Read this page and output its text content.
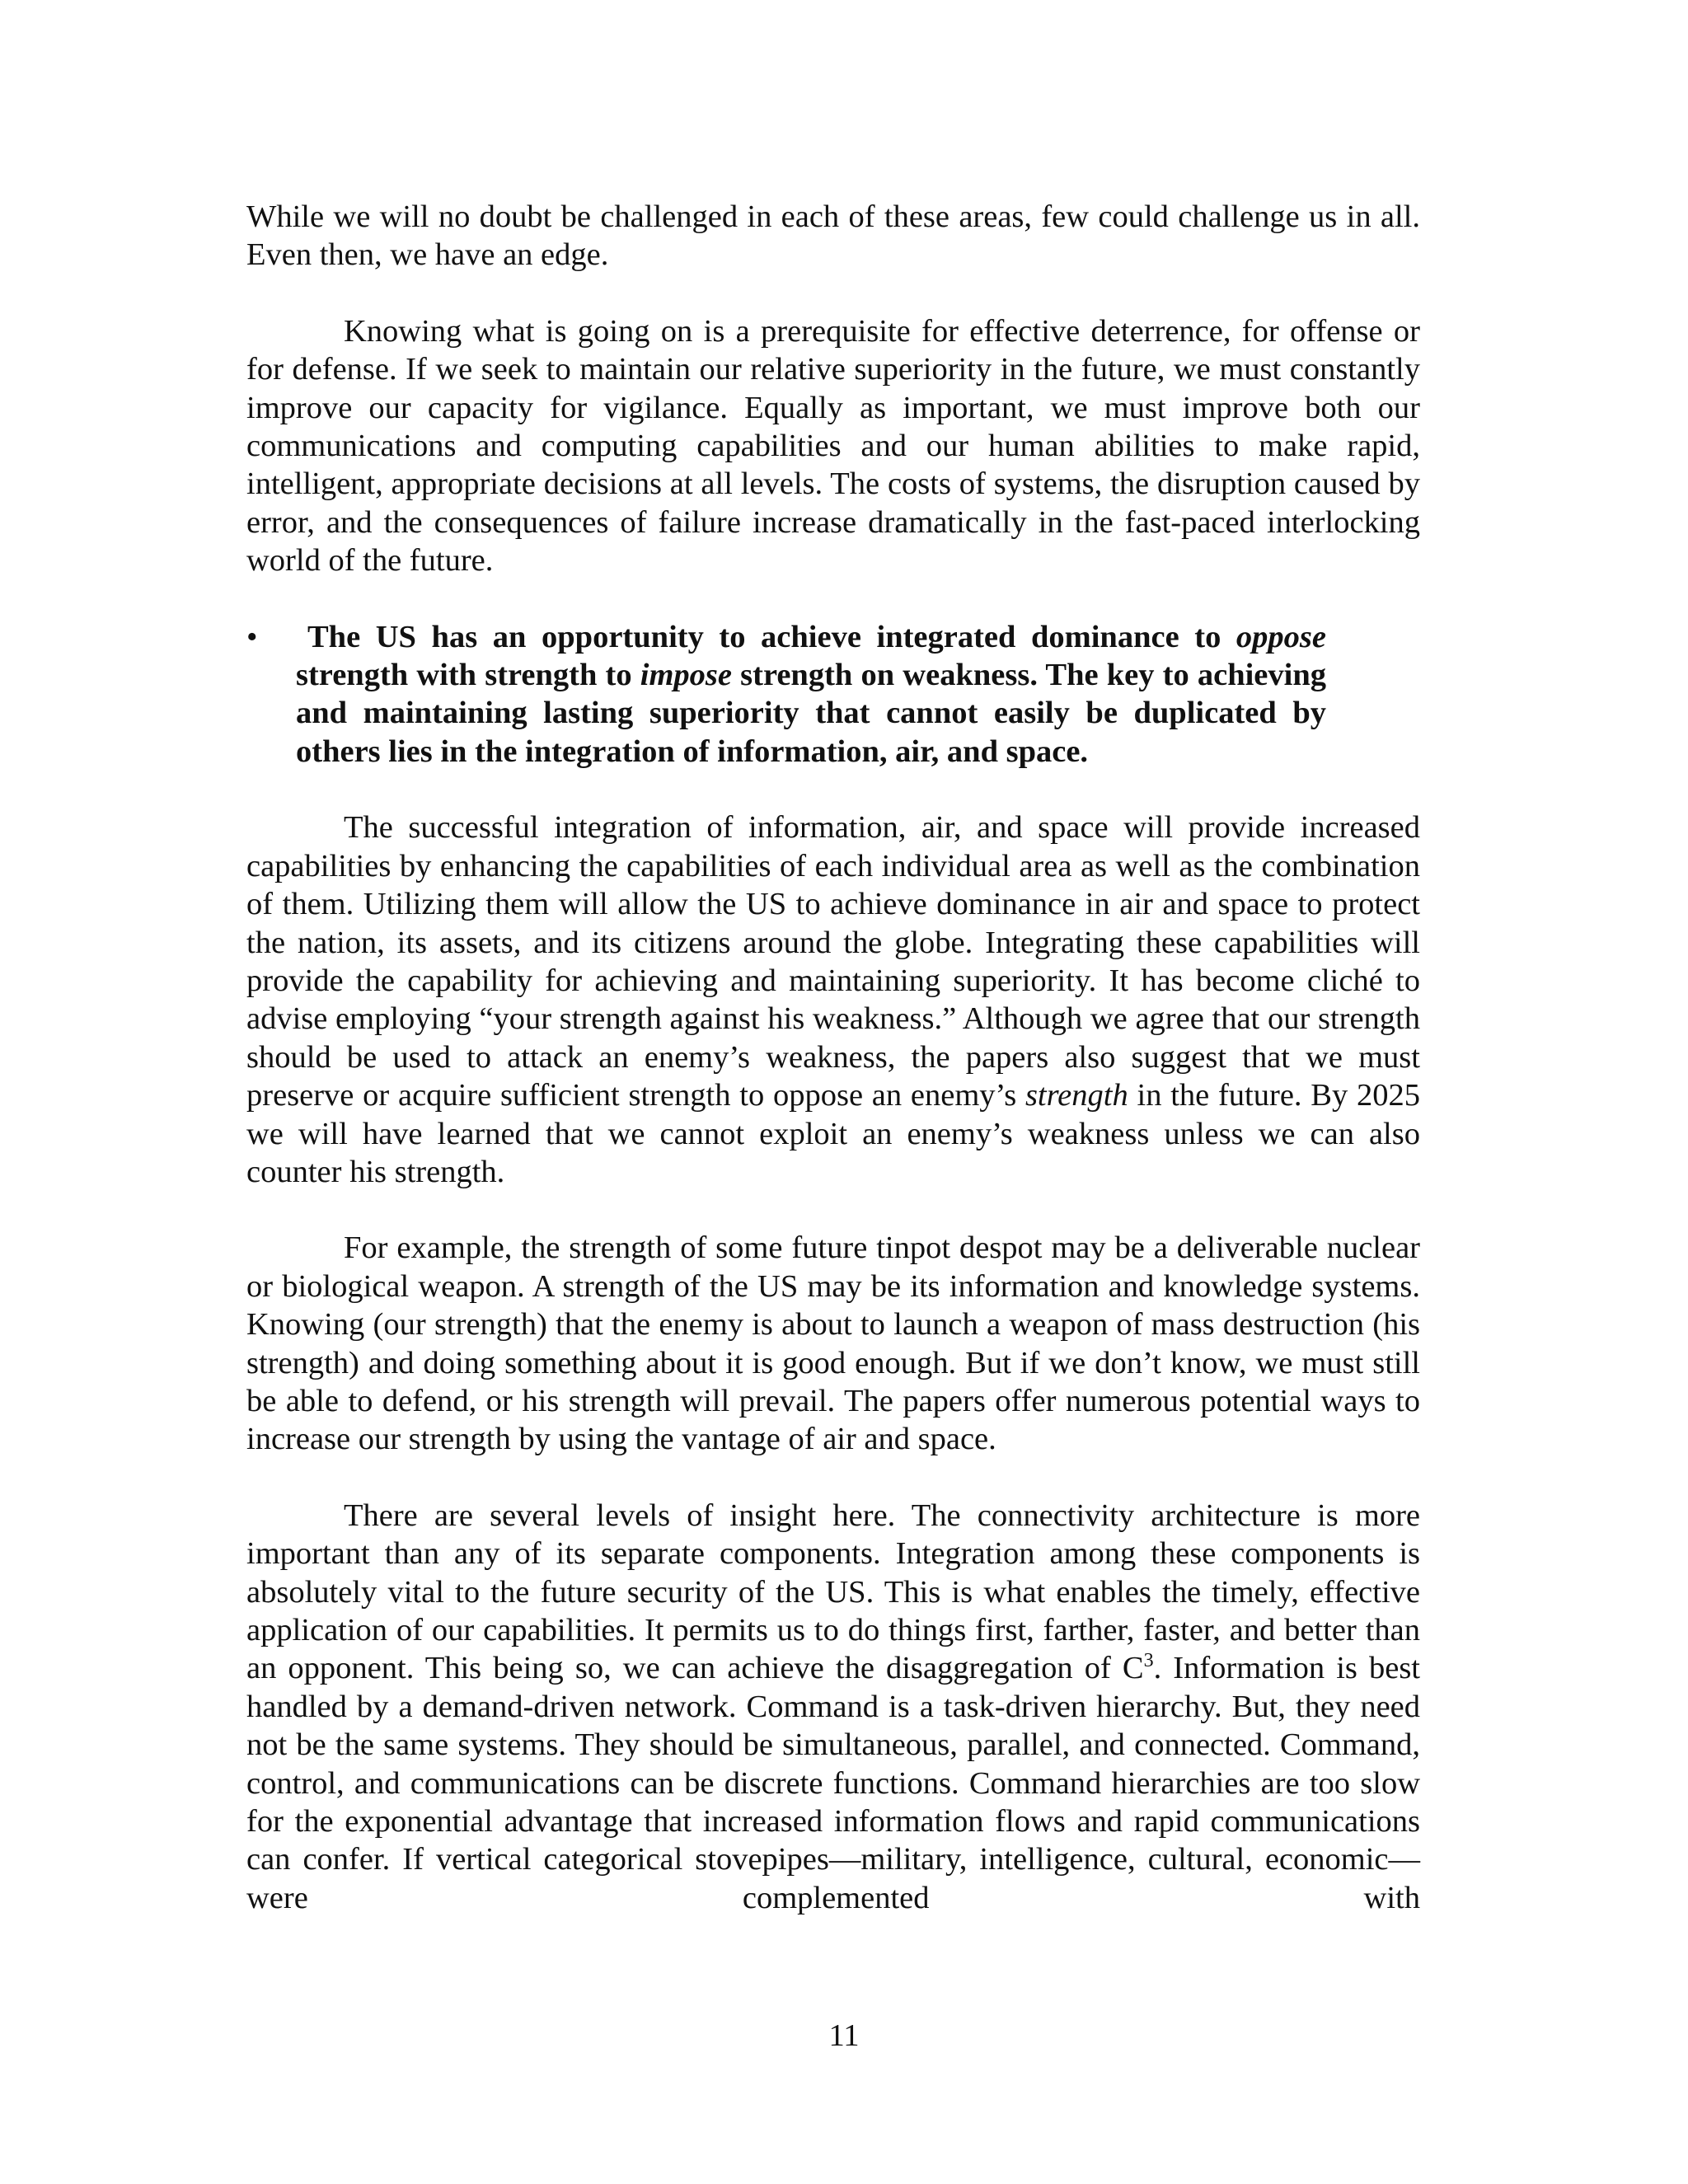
While we will no doubt be challenged in each of these areas, few could challenge us in all. Even then, we have an edge.

Knowing what is going on is a prerequisite for effective deterrence, for offense or for defense. If we seek to maintain our relative superiority in the future, we must constantly improve our capacity for vigilance. Equally as important, we must improve both our communications and computing capabilities and our human abilities to make rapid, intelligent, appropriate decisions at all levels. The costs of systems, the disruption caused by error, and the consequences of failure increase dramatically in the fast-paced interlocking world of the future.

•	The US has an opportunity to achieve integrated dominance to oppose strength with strength to impose strength on weakness. The key to achieving and maintaining lasting superiority that cannot easily be duplicated by others lies in the integration of information, air, and space.

The successful integration of information, air, and space will provide increased capabilities by enhancing the capabilities of each individual area as well as the combination of them. Utilizing them will allow the US to achieve dominance in air and space to protect the nation, its assets, and its citizens around the globe. Integrating these capabilities will provide the capability for achieving and maintaining superiority. It has become cliché to advise employing “your strength against his weakness.” Although we agree that our strength should be used to attack an enemy’s weakness, the papers also suggest that we must preserve or acquire sufficient strength to oppose an enemy’s strength in the future. By 2025 we will have learned that we cannot exploit an enemy’s weakness unless we can also counter his strength.

For example, the strength of some future tinpot despot may be a deliverable nuclear or biological weapon. A strength of the US may be its information and knowledge systems. Knowing (our strength) that the enemy is about to launch a weapon of mass destruction (his strength) and doing something about it is good enough. But if we don’t know, we must still be able to defend, or his strength will prevail. The papers offer numerous potential ways to increase our strength by using the vantage of air and space.

There are several levels of insight here. The connectivity architecture is more important than any of its separate components. Integration among these components is absolutely vital to the future security of the US. This is what enables the timely, effective application of our capabilities. It permits us to do things first, farther, faster, and better than an opponent. This being so, we can achieve the disaggregation of $C^3$. Information is best handled by a demand-driven network. Command is a task-driven hierarchy. But, they need not be the same systems. They should be simultaneous, parallel, and connected. Command, control, and communications can be discrete functions. Command hierarchies are too slow for the exponential advantage that increased information flows and rapid communications can confer. If vertical categorical stovepipes—military, intelligence, cultural, economic—were complemented with

11
